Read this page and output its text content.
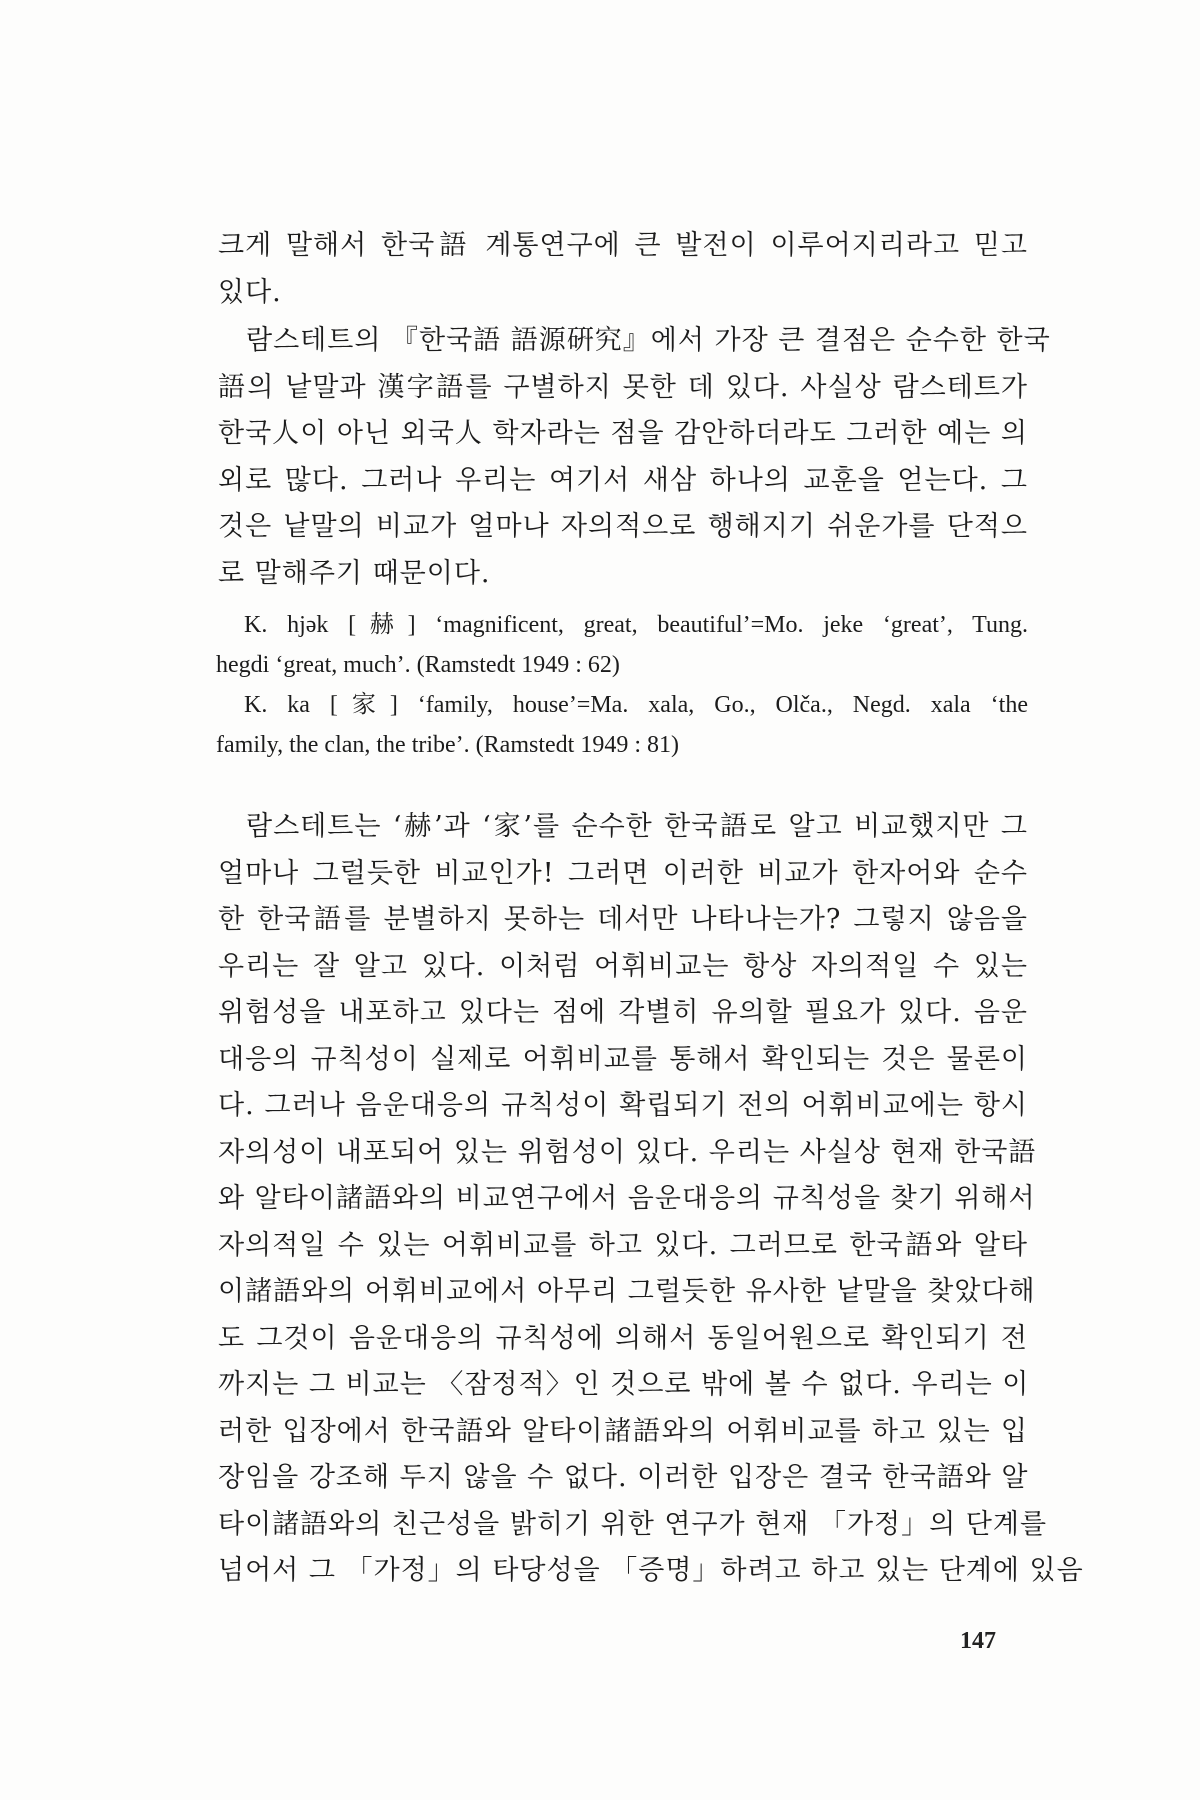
크게 말해서 한국語 계통연구에 큰 발전이 이루어지리라고 믿고
있다.
람스테트의 『한국語 語源硏究』에서 가장 큰 결점은 순수한 한국
語의 낱말과 漢字語를 구별하지 못한 데 있다. 사실상 람스테트가
한국人이 아닌 외국人 학자라는 점을 감안하더라도 그러한 예는 의
외로 많다. 그러나 우리는 여기서 새삼 하나의 교훈을 얻는다. 그
것은 낱말의 비교가 얼마나 자의적으로 행해지기 쉬운가를 단적으
로 말해주기 때문이다.
K. hjək [赫] ‘magnificent, great, beautiful’=Mo. jeke ‘great’, Tung.
hegdi ‘great, much’. (Ramstedt 1949 : 62)
K. ka [家] ‘family, house’=Ma. xala, Go., Olča., Negd. xala ‘the
family, the clan, the tribe’. (Ramstedt 1949 : 81)
람스테트는 ‘赫’과 ‘家’를 순수한 한국語로 알고 비교했지만 그
얼마나 그럴듯한 비교인가! 그러면 이러한 비교가 한자어와 순수
한 한국語를 분별하지 못하는 데서만 나타나는가? 그렇지 않음을
우리는 잘 알고 있다. 이처럼 어휘비교는 항상 자의적일 수 있는
위험성을 내포하고 있다는 점에 각별히 유의할 필요가 있다. 음운
대응의 규칙성이 실제로 어휘비교를 통해서 확인되는 것은 물론이
다. 그러나 음운대응의 규칙성이 확립되기 전의 어휘비교에는 항시
자의성이 내포되어 있는 위험성이 있다. 우리는 사실상 현재 한국語
와 알타이諸語와의 비교연구에서 음운대응의 규칙성을 찾기 위해서
자의적일 수 있는 어휘비교를 하고 있다. 그러므로 한국語와 알타
이諸語와의 어휘비교에서 아무리 그럴듯한 유사한 낱말을 찾았다해
도 그것이 음운대응의 규칙성에 의해서 동일어원으로 확인되기 전
까지는 그 비교는 〈잠정적〉인 것으로 밖에 볼 수 없다. 우리는 이
러한 입장에서 한국語와 알타이諸語와의 어휘비교를 하고 있는 입
장임을 강조해 두지 않을 수 없다. 이러한 입장은 결국 한국語와 알
타이諸語와의 친근성을 밝히기 위한 연구가 현재 「가정」의 단계를
넘어서 그 「가정」의 타당성을 「증명」하려고 하고 있는 단계에 있음
147
